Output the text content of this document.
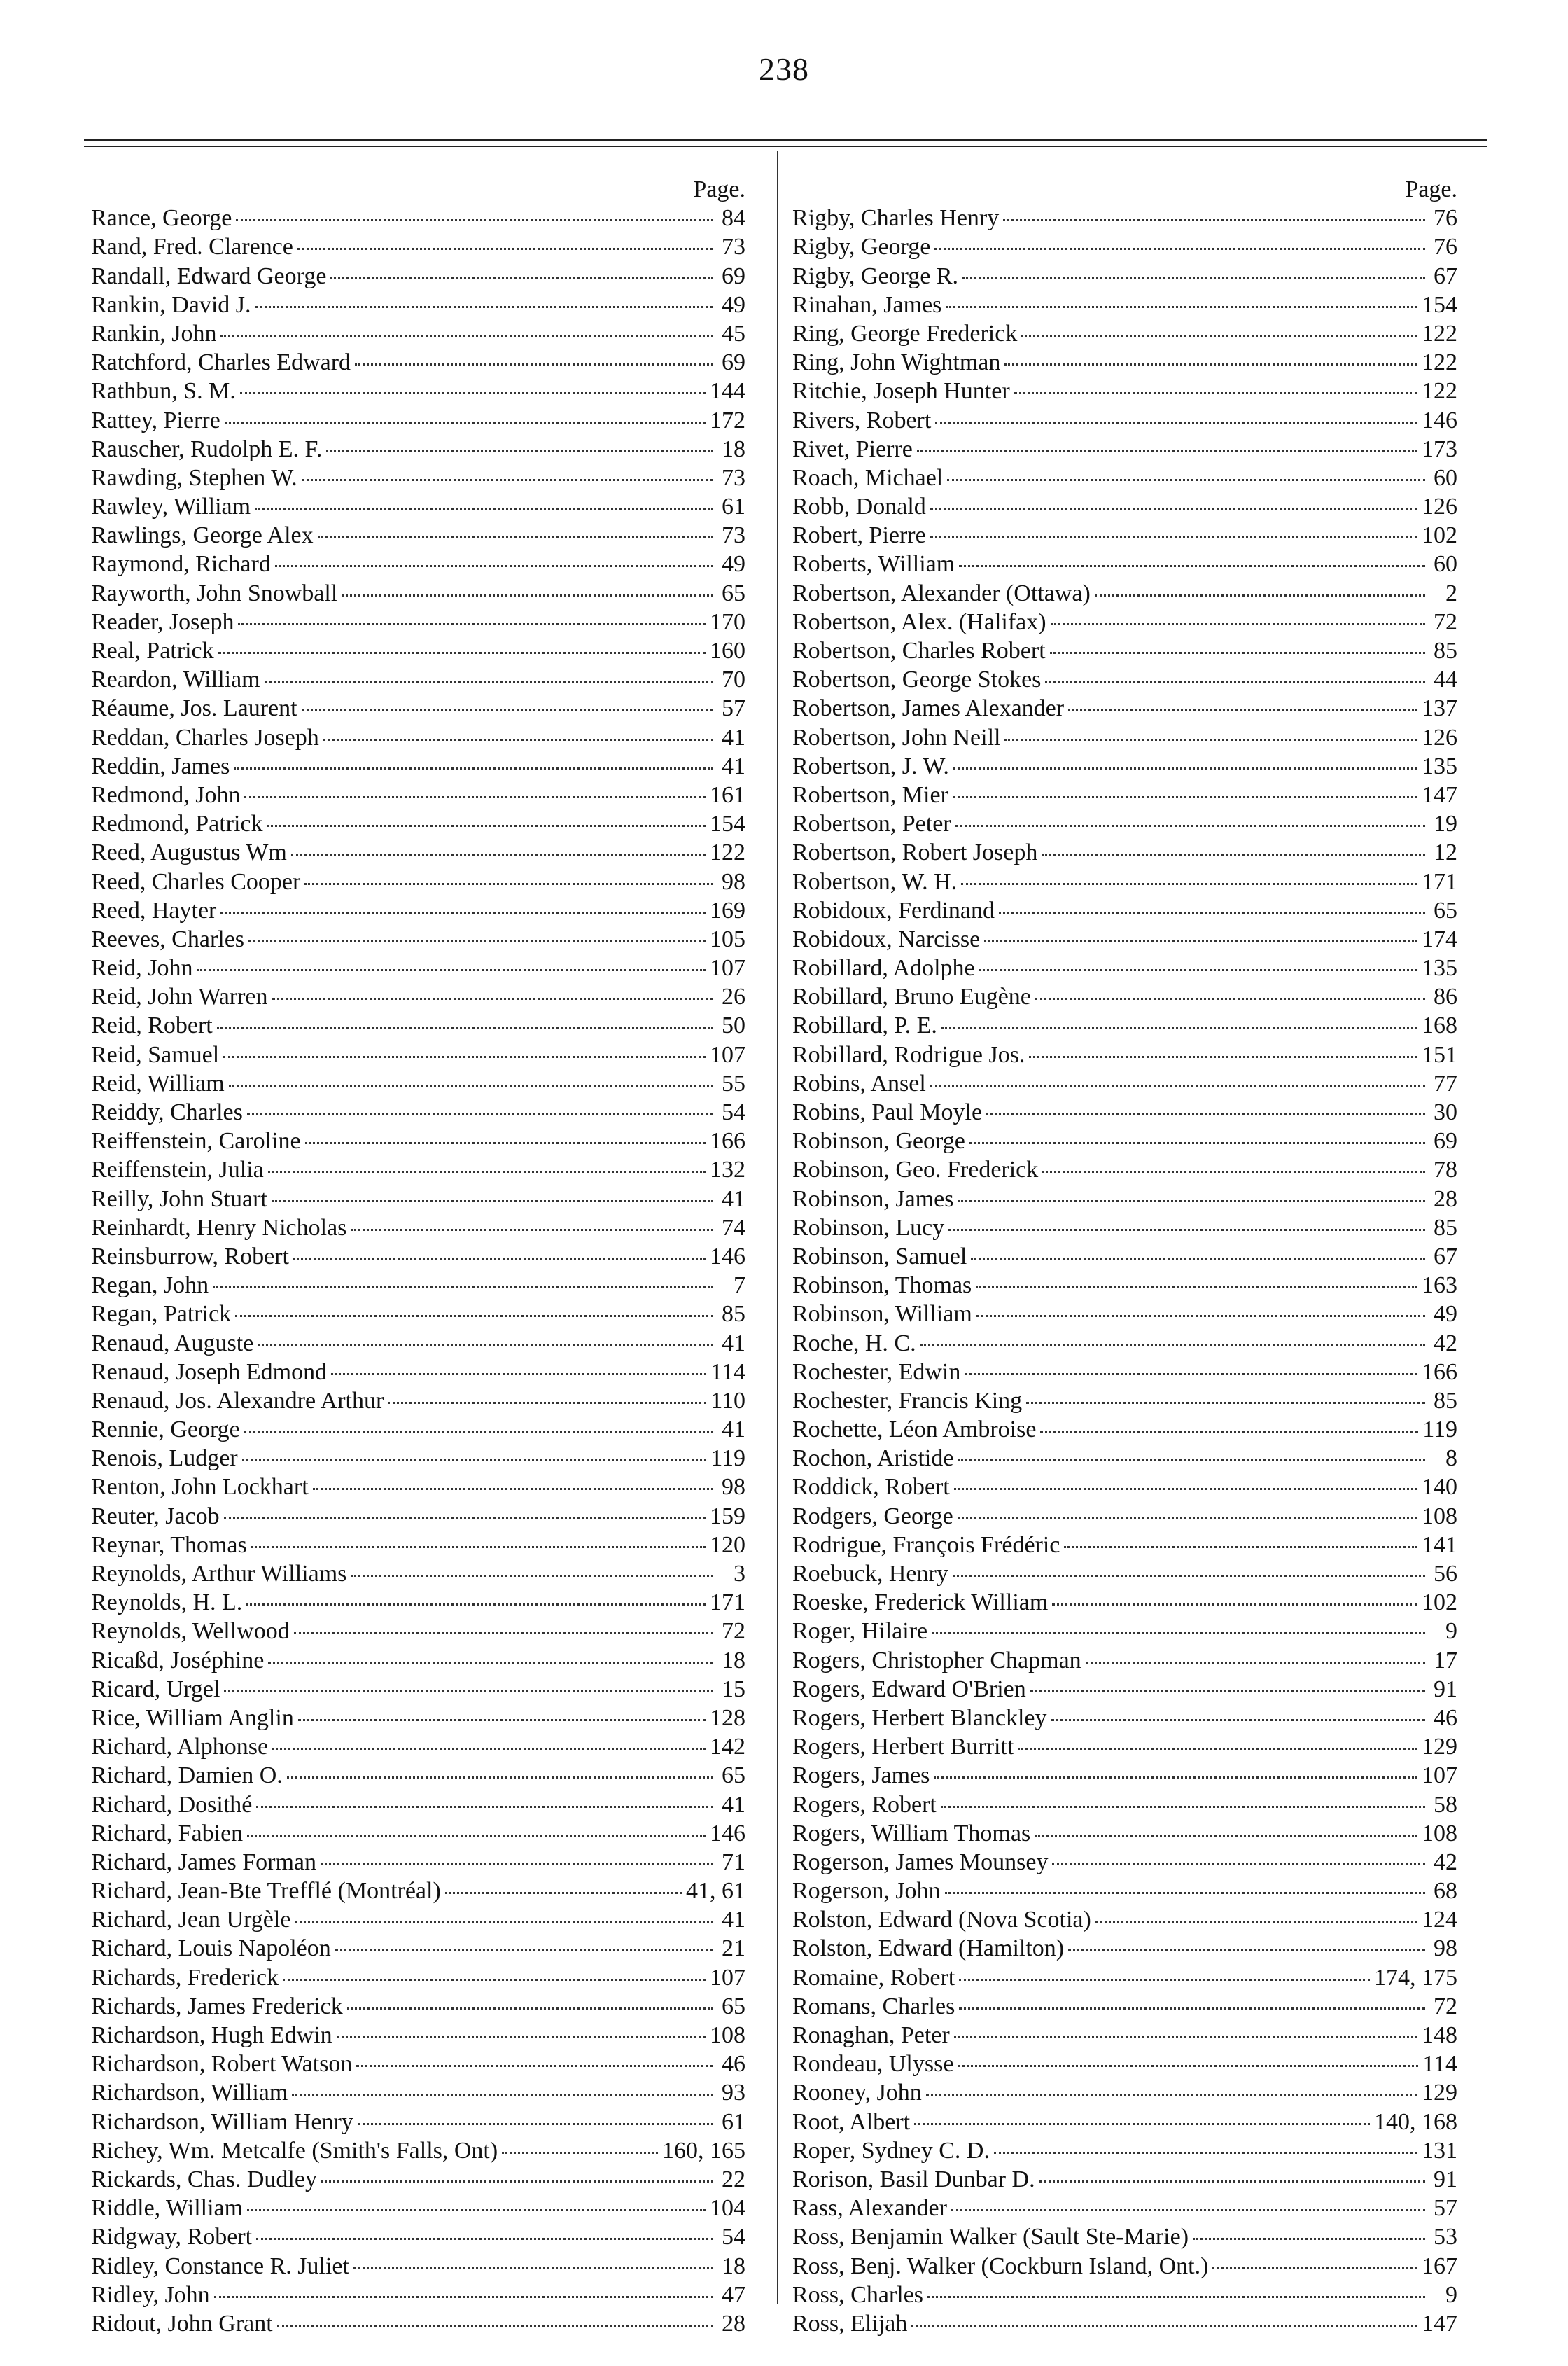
238
Page.
Rance, George	84
Rand, Fred. Clarence	73
Randall, Edward George	69
Rankin, David J.	49
Rankin, John	45
Ratchford, Charles Edward	69
Rathbun, S. M.	144
Rattey, Pierre	172
Rauscher, Rudolph E. F.	18
Rawding, Stephen W.	73
Rawley, William	61
Rawlings, George Alex	73
Raymond, Richard	49
Rayworth, John Snowball	65
Reader, Joseph	170
Real, Patrick	160
Reardon, William	70
Réaume, Jos. Laurent	57
Reddan, Charles Joseph	41
Reddin, James	41
Redmond, John	161
Redmond, Patrick	154
Reed, Augustus Wm	122
Reed, Charles Cooper	98
Reed, Hayter	169
Reeves, Charles	105
Reid, John	107
Reid, John Warren	26
Reid, Robert	50
Reid, Samuel	107
Reid, William	55
Reiddy, Charles	54
Reiffenstein, Caroline	166
Reiffenstein, Julia	132
Reilly, John Stuart	41
Reinhardt, Henry Nicholas	74
Reinsburrow, Robert	146
Regan, John	7
Regan, Patrick	85
Renaud, Auguste	41
Renaud, Joseph Edmond	114
Renaud, Jos. Alexandre Arthur	110
Rennie, George	41
Renois, Ludger	119
Renton, John Lockhart	98
Reuter, Jacob	159
Reynar, Thomas	120
Reynolds, Arthur Williams	3
Reynolds, H. L.	171
Reynolds, Wellwood	72
Ricaßd, Joséphine	18
Ricard, Urgel	15
Rice, William Anglin	128
Richard, Alphonse	142
Richard, Damien O.	65
Richard, Dosithé	41
Richard, Fabien	146
Richard, James Forman	71
Richard, Jean-Bte Trefflé (Montréal)	41, 61
Richard, Jean Urgèle	41
Richard, Louis Napoléon	21
Richards, Frederick	107
Richards, James Frederick	65
Richardson, Hugh Edwin	108
Richardson, Robert Watson	46
Richardson, William	93
Richardson, William Henry	61
Richey, Wm. Metcalfe (Smith's Falls, Ont)	160, 165
Rickards, Chas. Dudley	22
Riddle, William	104
Ridgway, Robert	54
Ridley, Constance R. Juliet	18
Ridley, John	47
Ridout, John Grant	28
Page.
Rigby, Charles Henry	76
Rigby, George	76
Rigby, George R.	67
Rinahan, James	154
Ring, George Frederick	122
Ring, John Wightman	122
Ritchie, Joseph Hunter	122
Rivers, Robert	146
Rivet, Pierre	173
Roach, Michael	60
Robb, Donald	126
Robert, Pierre	102
Roberts, William	60
Robertson, Alexander (Ottawa)	2
Robertson, Alex. (Halifax)	72
Robertson, Charles Robert	85
Robertson, George Stokes	44
Robertson, James Alexander	137
Robertson, John Neill	126
Robertson, J. W.	135
Robertson, Mier	147
Robertson, Peter	19
Robertson, Robert Joseph	12
Robertson, W. H.	171
Robidoux, Ferdinand	65
Robidoux, Narcisse	174
Robillard, Adolphe	135
Robillard, Bruno Eugène	86
Robillard, P. E.	168
Robillard, Rodrigue Jos.	151
Robins, Ansel	77
Robins, Paul Moyle	30
Robinson, George	69
Robinson, Geo. Frederick	78
Robinson, James	28
Robinson, Lucy	85
Robinson, Samuel	67
Robinson, Thomas	163
Robinson, William	49
Roche, H. C.	42
Rochester, Edwin	166
Rochester, Francis King	85
Rochette, Léon Ambroise	119
Rochon, Aristide	8
Roddick, Robert	140
Rodgers, George	108
Rodrigue, François Frédéric	141
Roebuck, Henry	56
Roeske, Frederick William	102
Roger, Hilaire	9
Rogers, Christopher Chapman	17
Rogers, Edward O'Brien	91
Rogers, Herbert Blanckley	46
Rogers, Herbert Burritt	129
Rogers, James	107
Rogers, Robert	58
Rogers, William Thomas	108
Rogerson, James Mounsey	42
Rogerson, John	68
Rolston, Edward (Nova Scotia)	124
Rolston, Edward (Hamilton)	98
Romaine, Robert	174, 175
Romans, Charles	72
Ronaghan, Peter	148
Rondeau, Ulysse	114
Rooney, John	129
Root, Albert	140, 168
Roper, Sydney C. D.	131
Rorison, Basil Dunbar D.	91
Rass, Alexander	57
Ross, Benjamin Walker (Sault Ste-Marie)	53
Ross, Benj. Walker (Cockburn Island, Ont.)	167
Ross, Charles	9
Ross, Elijah	147
